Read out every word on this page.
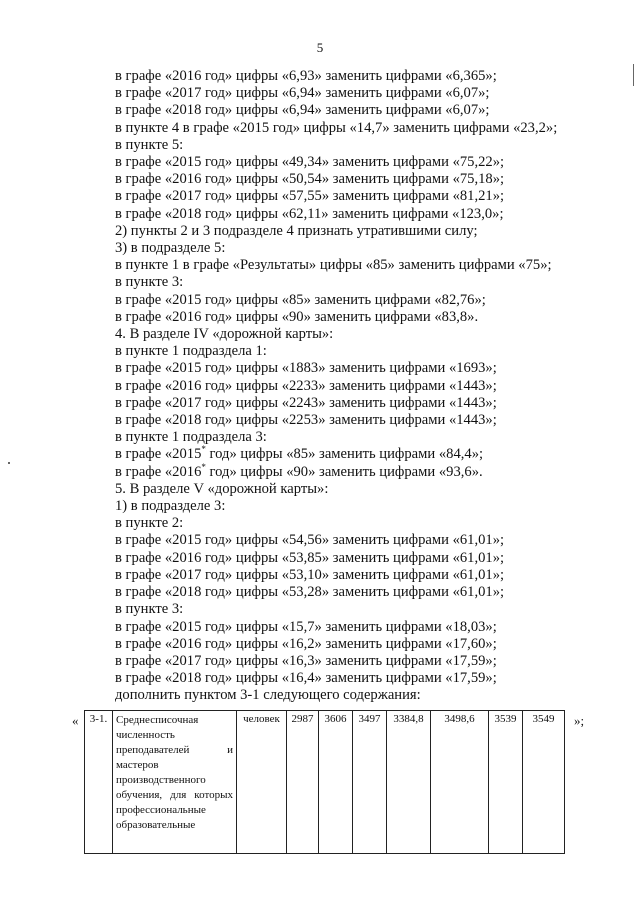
5
в графе «2016 год» цифры «6,93» заменить цифрами «6,365»;
в графе «2017 год» цифры «6,94» заменить цифрами «6,07»;
в графе «2018 год» цифры «6,94» заменить цифрами «6,07»;
в пункте 4 в графе «2015 год» цифры «14,7» заменить цифрами «23,2»;
в пункте 5:
в графе «2015 год» цифры «49,34» заменить цифрами «75,22»;
в графе «2016 год» цифры «50,54» заменить цифрами «75,18»;
в графе «2017 год» цифры «57,55» заменить цифрами «81,21»;
в графе «2018 год» цифры «62,11» заменить цифрами «123,0»;
2) пункты 2 и 3 подразделе 4 признать утратившими силу;
3) в подразделе 5:
в пункте 1 в графе «Результаты» цифры «85» заменить цифрами «75»;
в пункте 3:
в графе «2015 год» цифры «85» заменить цифрами «82,76»;
в графе «2016 год» цифры «90» заменить цифрами «83,8».
4. В разделе IV «дорожной карты»:
в пункте 1 подраздела 1:
в графе «2015 год» цифры «1883» заменить цифрами «1693»;
в графе «2016 год» цифры «2233» заменить цифрами «1443»;
в графе «2017 год» цифры «2243» заменить цифрами «1443»;
в графе «2018 год» цифры «2253» заменить цифрами «1443»;
в пункте 1 подраздела 3:
в графе «2015* год» цифры «85» заменить цифрами «84,4»;
в графе «2016* год» цифры «90» заменить цифрами «93,6».
5. В разделе V «дорожной карты»:
1) в подразделе 3:
в пункте 2:
в графе «2015 год» цифры «54,56» заменить цифрами «61,01»;
в графе «2016 год» цифры «53,85» заменить цифрами «61,01»;
в графе «2017 год» цифры «53,10» заменить цифрами «61,01»;
в графе «2018 год» цифры «53,28» заменить цифрами «61,01»;
в пункте 3:
в графе «2015 год» цифры «15,7» заменить цифрами «18,03»;
в графе «2016 год» цифры «16,2» заменить цифрами «17,60»;
в графе «2017 год» цифры «16,3» заменить цифрами «17,59»;
в графе «2018 год» цифры «16,4» заменить цифрами «17,59»;
дополнить пунктом 3-1 следующего содержания:
« 3-1.	Среднесписочная численность преподавателей и мастеров производственного обучения, для которых профессиональные образовательные	человек	2987	3606	3497	3384,8	3498,6	3539	3549 »;
